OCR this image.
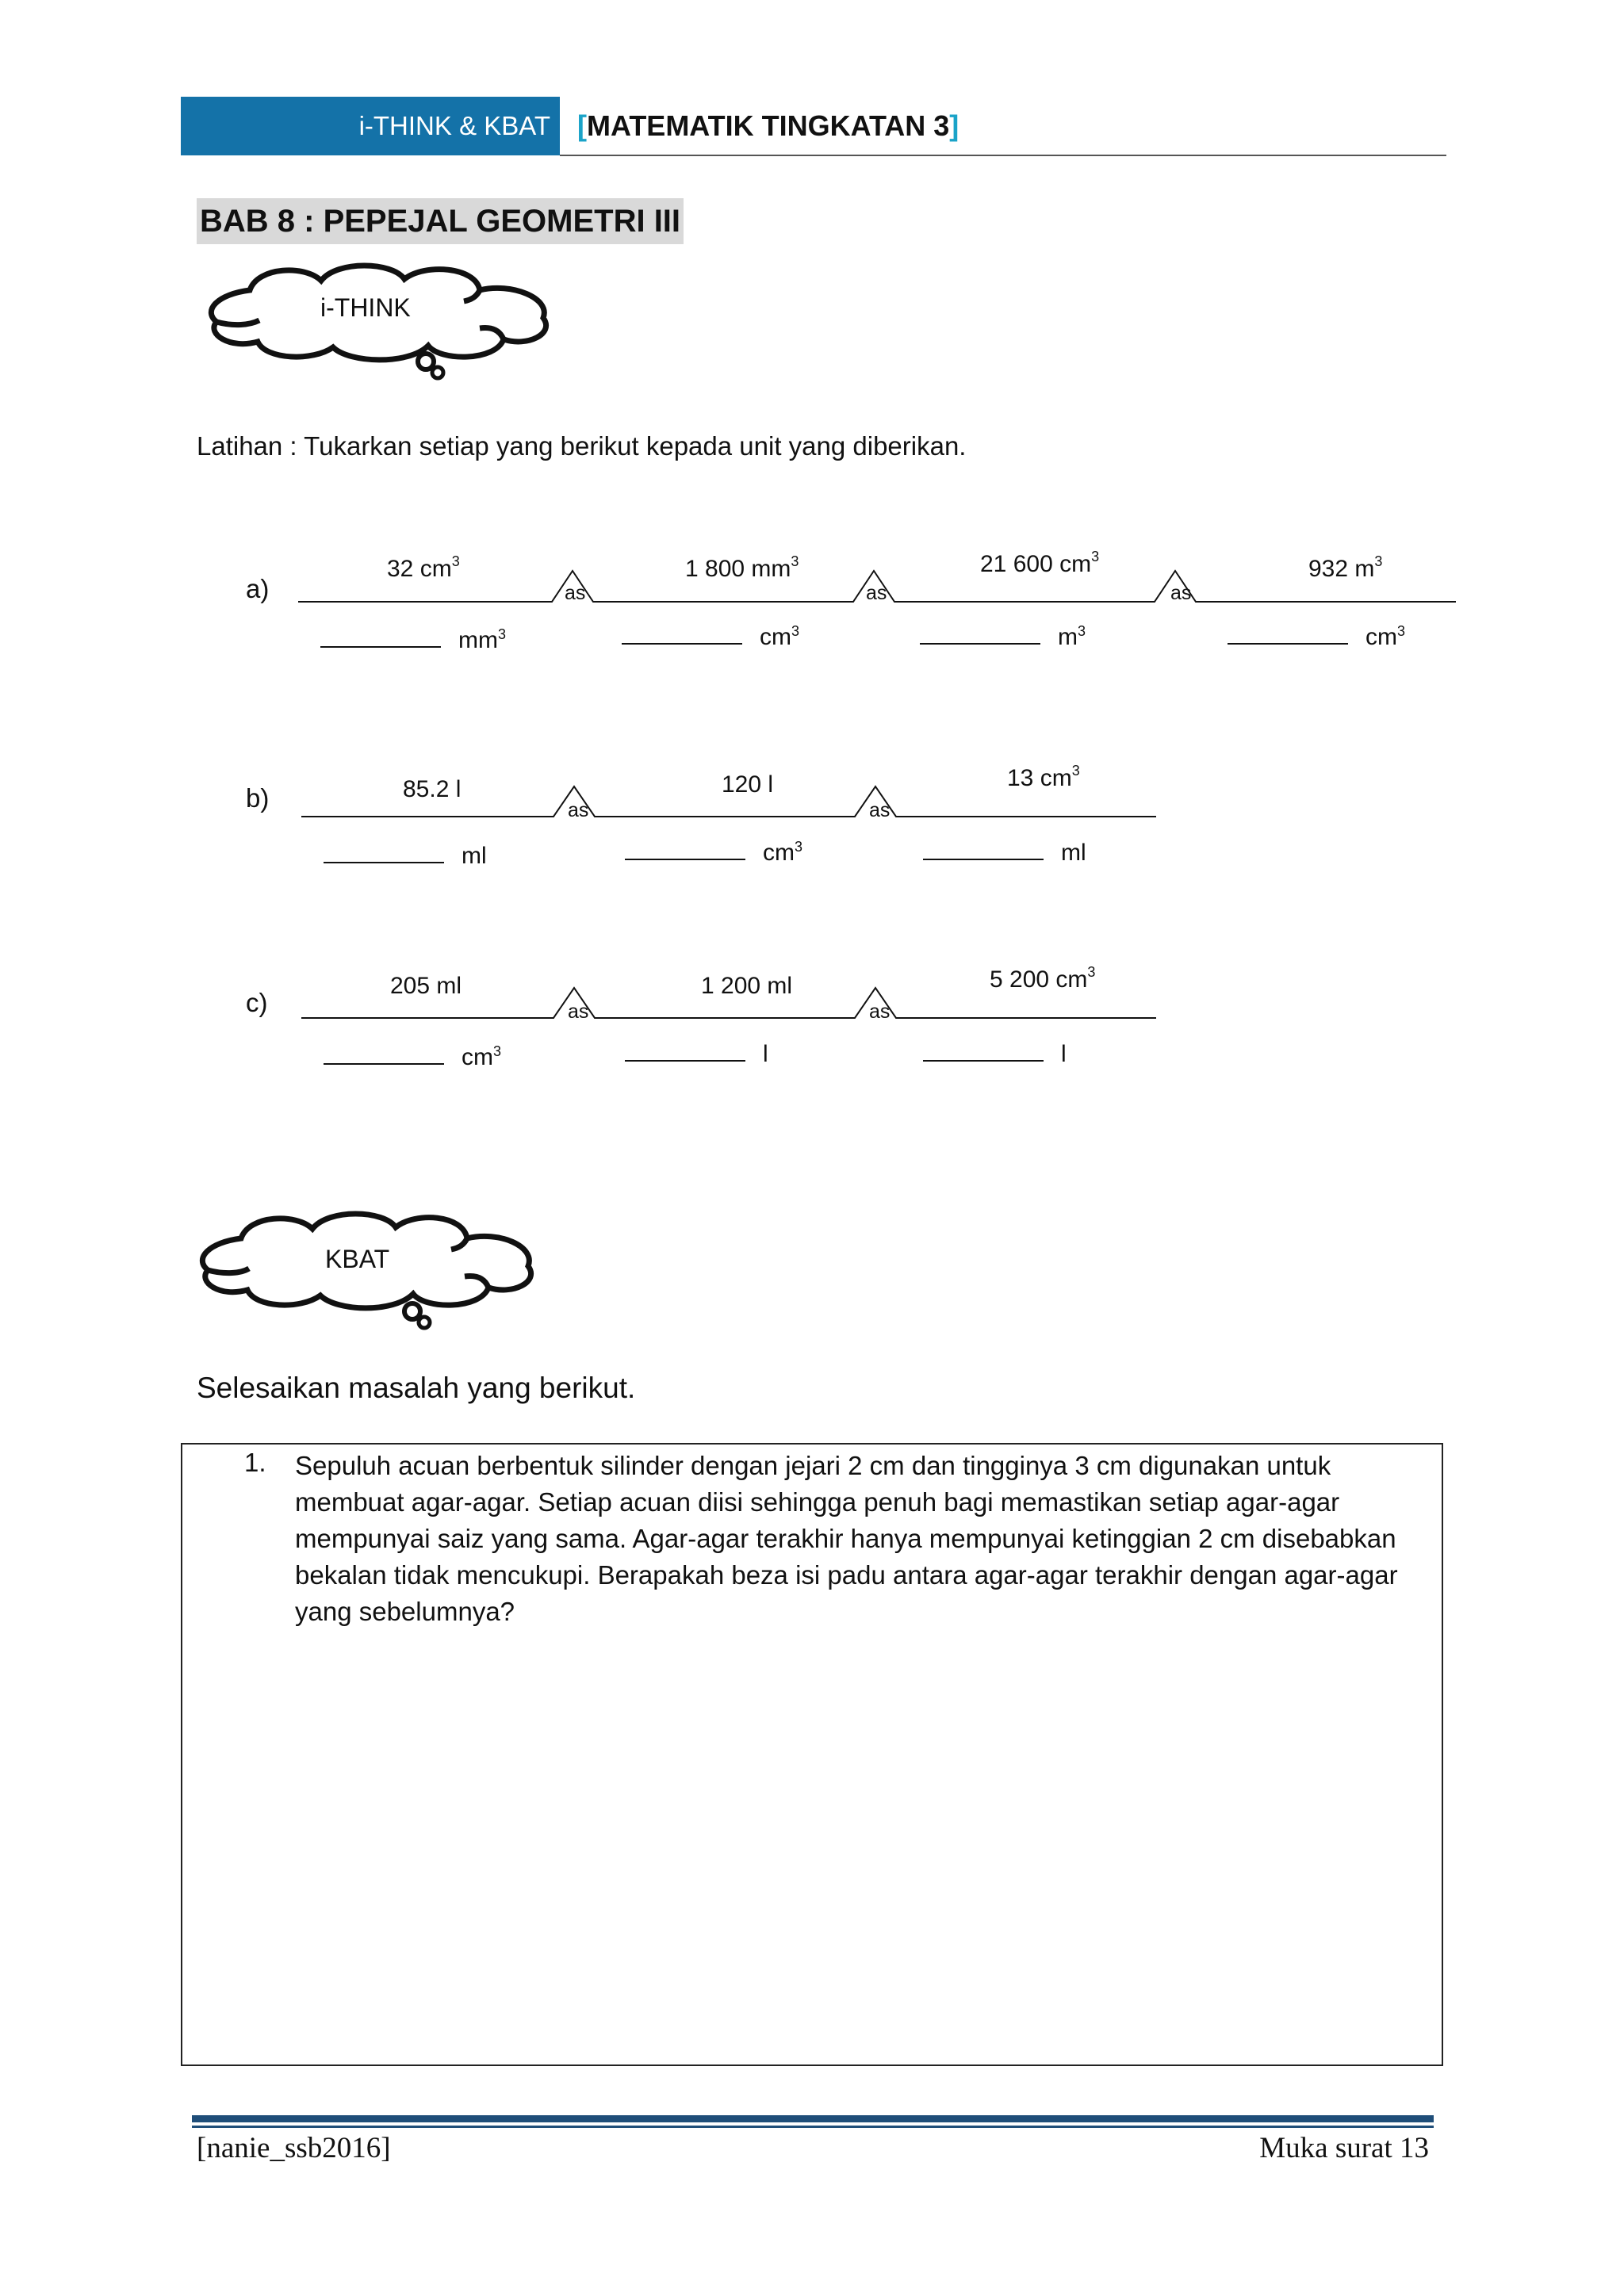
i-THINK & KBAT [MATEMATIK TINGKATAN 3]
BAB 8 : PEPEJAL GEOMETRI III
i-THINK
Latihan : Tukarkan setiap yang berikut kepada unit yang diberikan.
a)	as	as	as
32 $cm^3$	1 800 $mm^3$	21 600 $cm^3$	932 $m^3$
$mm^3$	$cm^3$	$m^3$	$cm^3$
b)	as	as
85.2 l	120 l	13 $cm^3$
ml	$cm^3$	ml
c)	as	as
205 ml	1 200 ml	5 200 $cm^3$
$cm^3$	l	l
KBAT
Selesaikan masalah yang berikut.
1. Sepuluh acuan berbentuk silinder dengan jejari 2 cm dan tingginya 3 cm digunakan untuk membuat agar-agar. Setiap acuan diisi sehingga penuh bagi memastikan setiap agar-agar mempunyai saiz yang sama. Agar-agar terakhir hanya mempunyai ketinggian 2 cm disebabkan bekalan tidak mencukupi. Berapakah beza isi padu antara agar-agar terakhir dengan agar-agar yang sebelumnya?
[nanie_ssb2016]	Muka surat 13
